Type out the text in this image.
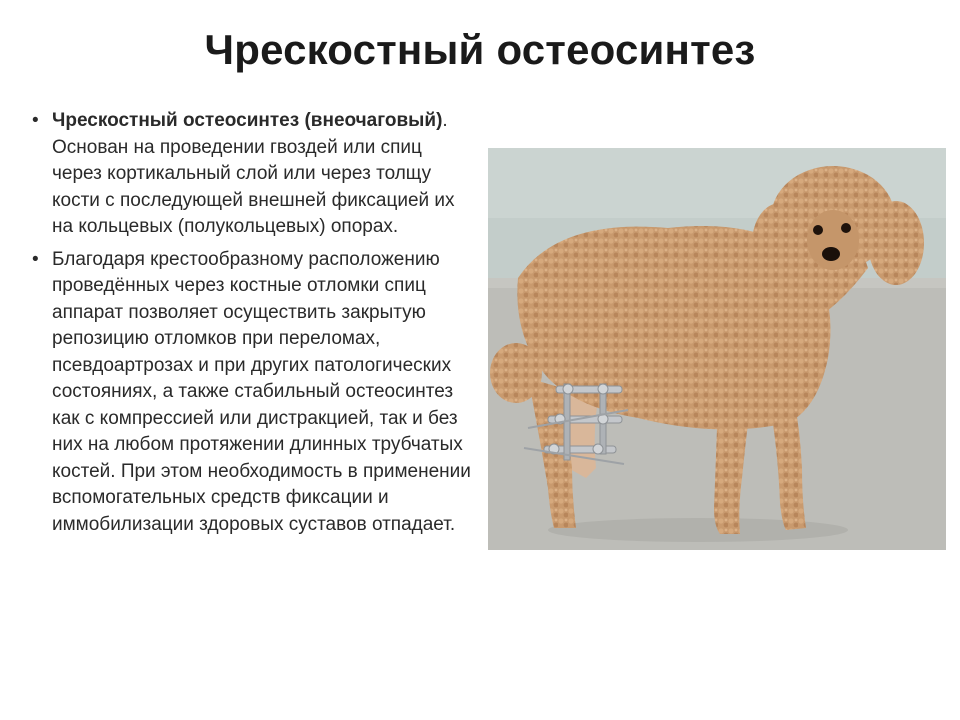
Чрескостный остеосинтез
• Чрескостный остеосинтез (внеочаговый). Основан на проведении гвоздей или спиц через кортикальный слой или через толщу кости с последующей внешней фиксацией их на кольцевых (полукольцевых) опорах.
• Благодаря крестообразному расположению проведённых через костные отломки спиц аппарат позволяет осуществить закрытую репозицию отломков при переломах, псевдоартрозах и при других патологических состояниях, а также стабильный остеосинтез как с компрессией или дистракцией, так и без них на любом протяжении длинных трубчатых костей. При этом необходимость в применении вспомогательных средств фиксации и иммобилизации здоровых суставов отпадает.
